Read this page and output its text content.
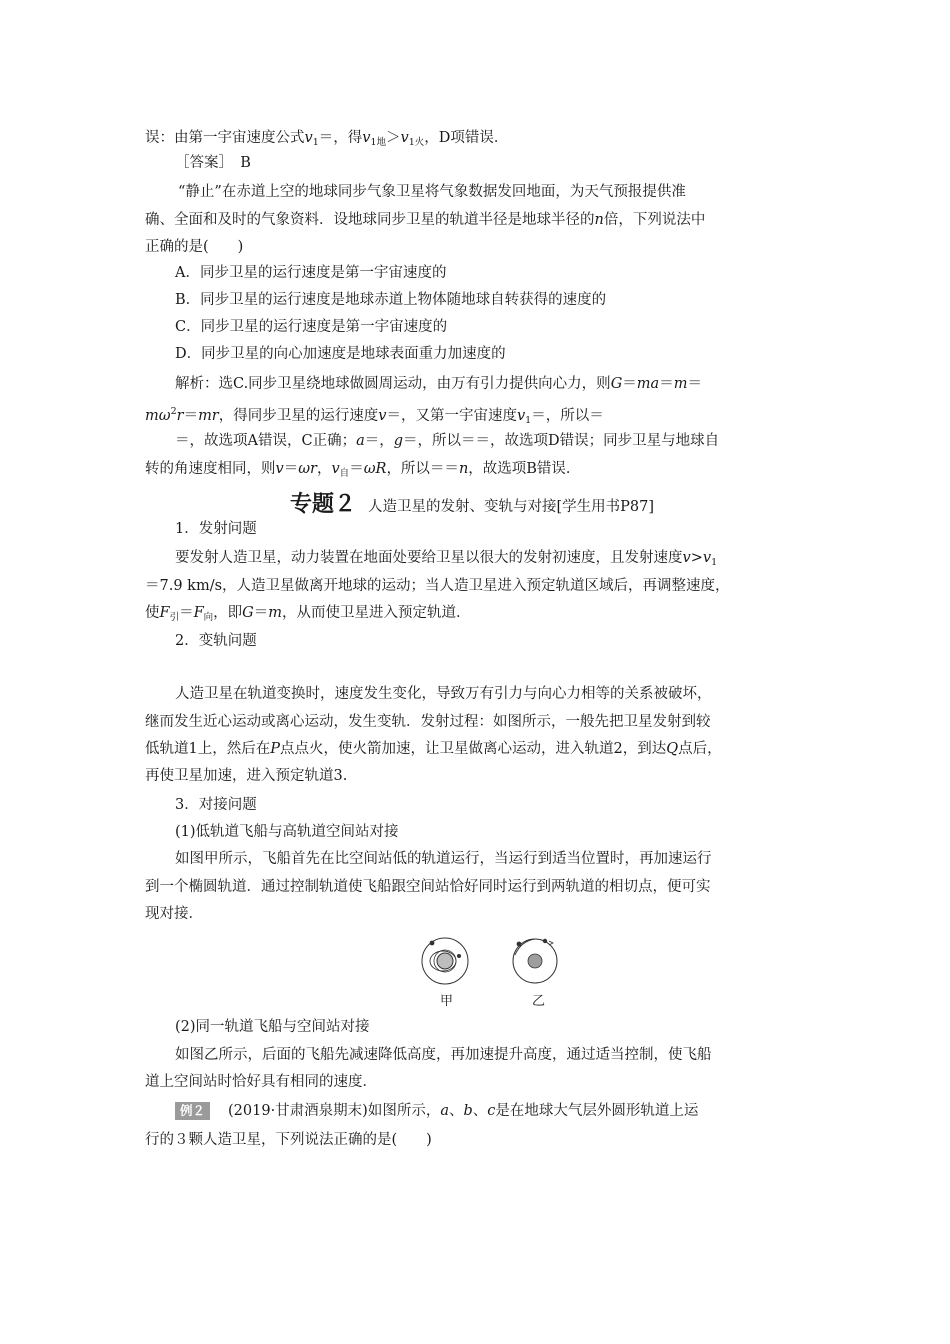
误：由第一宇宙速度公式$v_1=$，得$v_{1地}>v_{1火}$，D项错误．
［答案］　B
“静止”在赤道上空的地球同步气象卫星将气象数据发回地面，为天气预报提供准
确、全面和及时的气象资料．设地球同步卫星的轨道半径是地球半径的n倍，下列说法中
正确的是(　　)
A．同步卫星的运行速度是第一宇宙速度的
B．同步卫星的运行速度是地球赤道上物体随地球自转获得的速度的
C．同步卫星的运行速度是第一宇宙速度的
D．同步卫星的向心加速度是地球表面重力加速度的
解析：选C.同步卫星绕地球做圆周运动，由万有引力提供向心力，则G＝ma＝m＝
$m\omega^2r=mr$，得同步卫星的运行速度v＝，又第一宇宙速度$v_1=$，所以＝
＝，故选项A错误，C正确；a＝，g＝，所以＝＝，故选项D错误；同步卫星与地球自
转的角速度相同，则v＝ωr，$v_自=\omega R$，所以＝＝n，故选项B错误．
专题２ 人造卫星的发射、变轨与对接[学生用书P87]
1．发射问题
要发射人造卫星，动力装置在地面处要给卫星以很大的发射初速度，且发射速度$v>v_1$
＝7.9 km/s，人造卫星做离开地球的运动；当人造卫星进入预定轨道区域后，再调整速度，
使$F_引=F_向$，即G＝m，从而使卫星进入预定轨道．
2．变轨问题
人造卫星在轨道变换时，速度发生变化，导致万有引力与向心力相等的关系被破坏，
继而发生近心运动或离心运动，发生变轨．发射过程：如图所示，一般先把卫星发射到较
低轨道1上，然后在P点点火，使火箭加速，让卫星做离心运动，进入轨道2，到达Q点后，
再使卫星加速，进入预定轨道3.
3．对接问题
(1)低轨道飞船与高轨道空间站对接
如图甲所示，飞船首先在比空间站低的轨道运行，当运行到适当位置时，再加速运行
到一个椭圆轨道．通过控制轨道使飞船跟空间站恰好同时运行到两轨道的相切点，便可实
现对接．
甲	乙
(2)同一轨道飞船与空间站对接
如图乙所示，后面的飞船先减速降低高度，再加速提升高度，通过适当控制，使飞船
道上空间站时恰好具有相同的速度．
例２ (2019·甘肃酒泉期末)如图所示，a、b、c是在地球大气层外圆形轨道上运
行的３颗人造卫星，下列说法正确的是(　　)
